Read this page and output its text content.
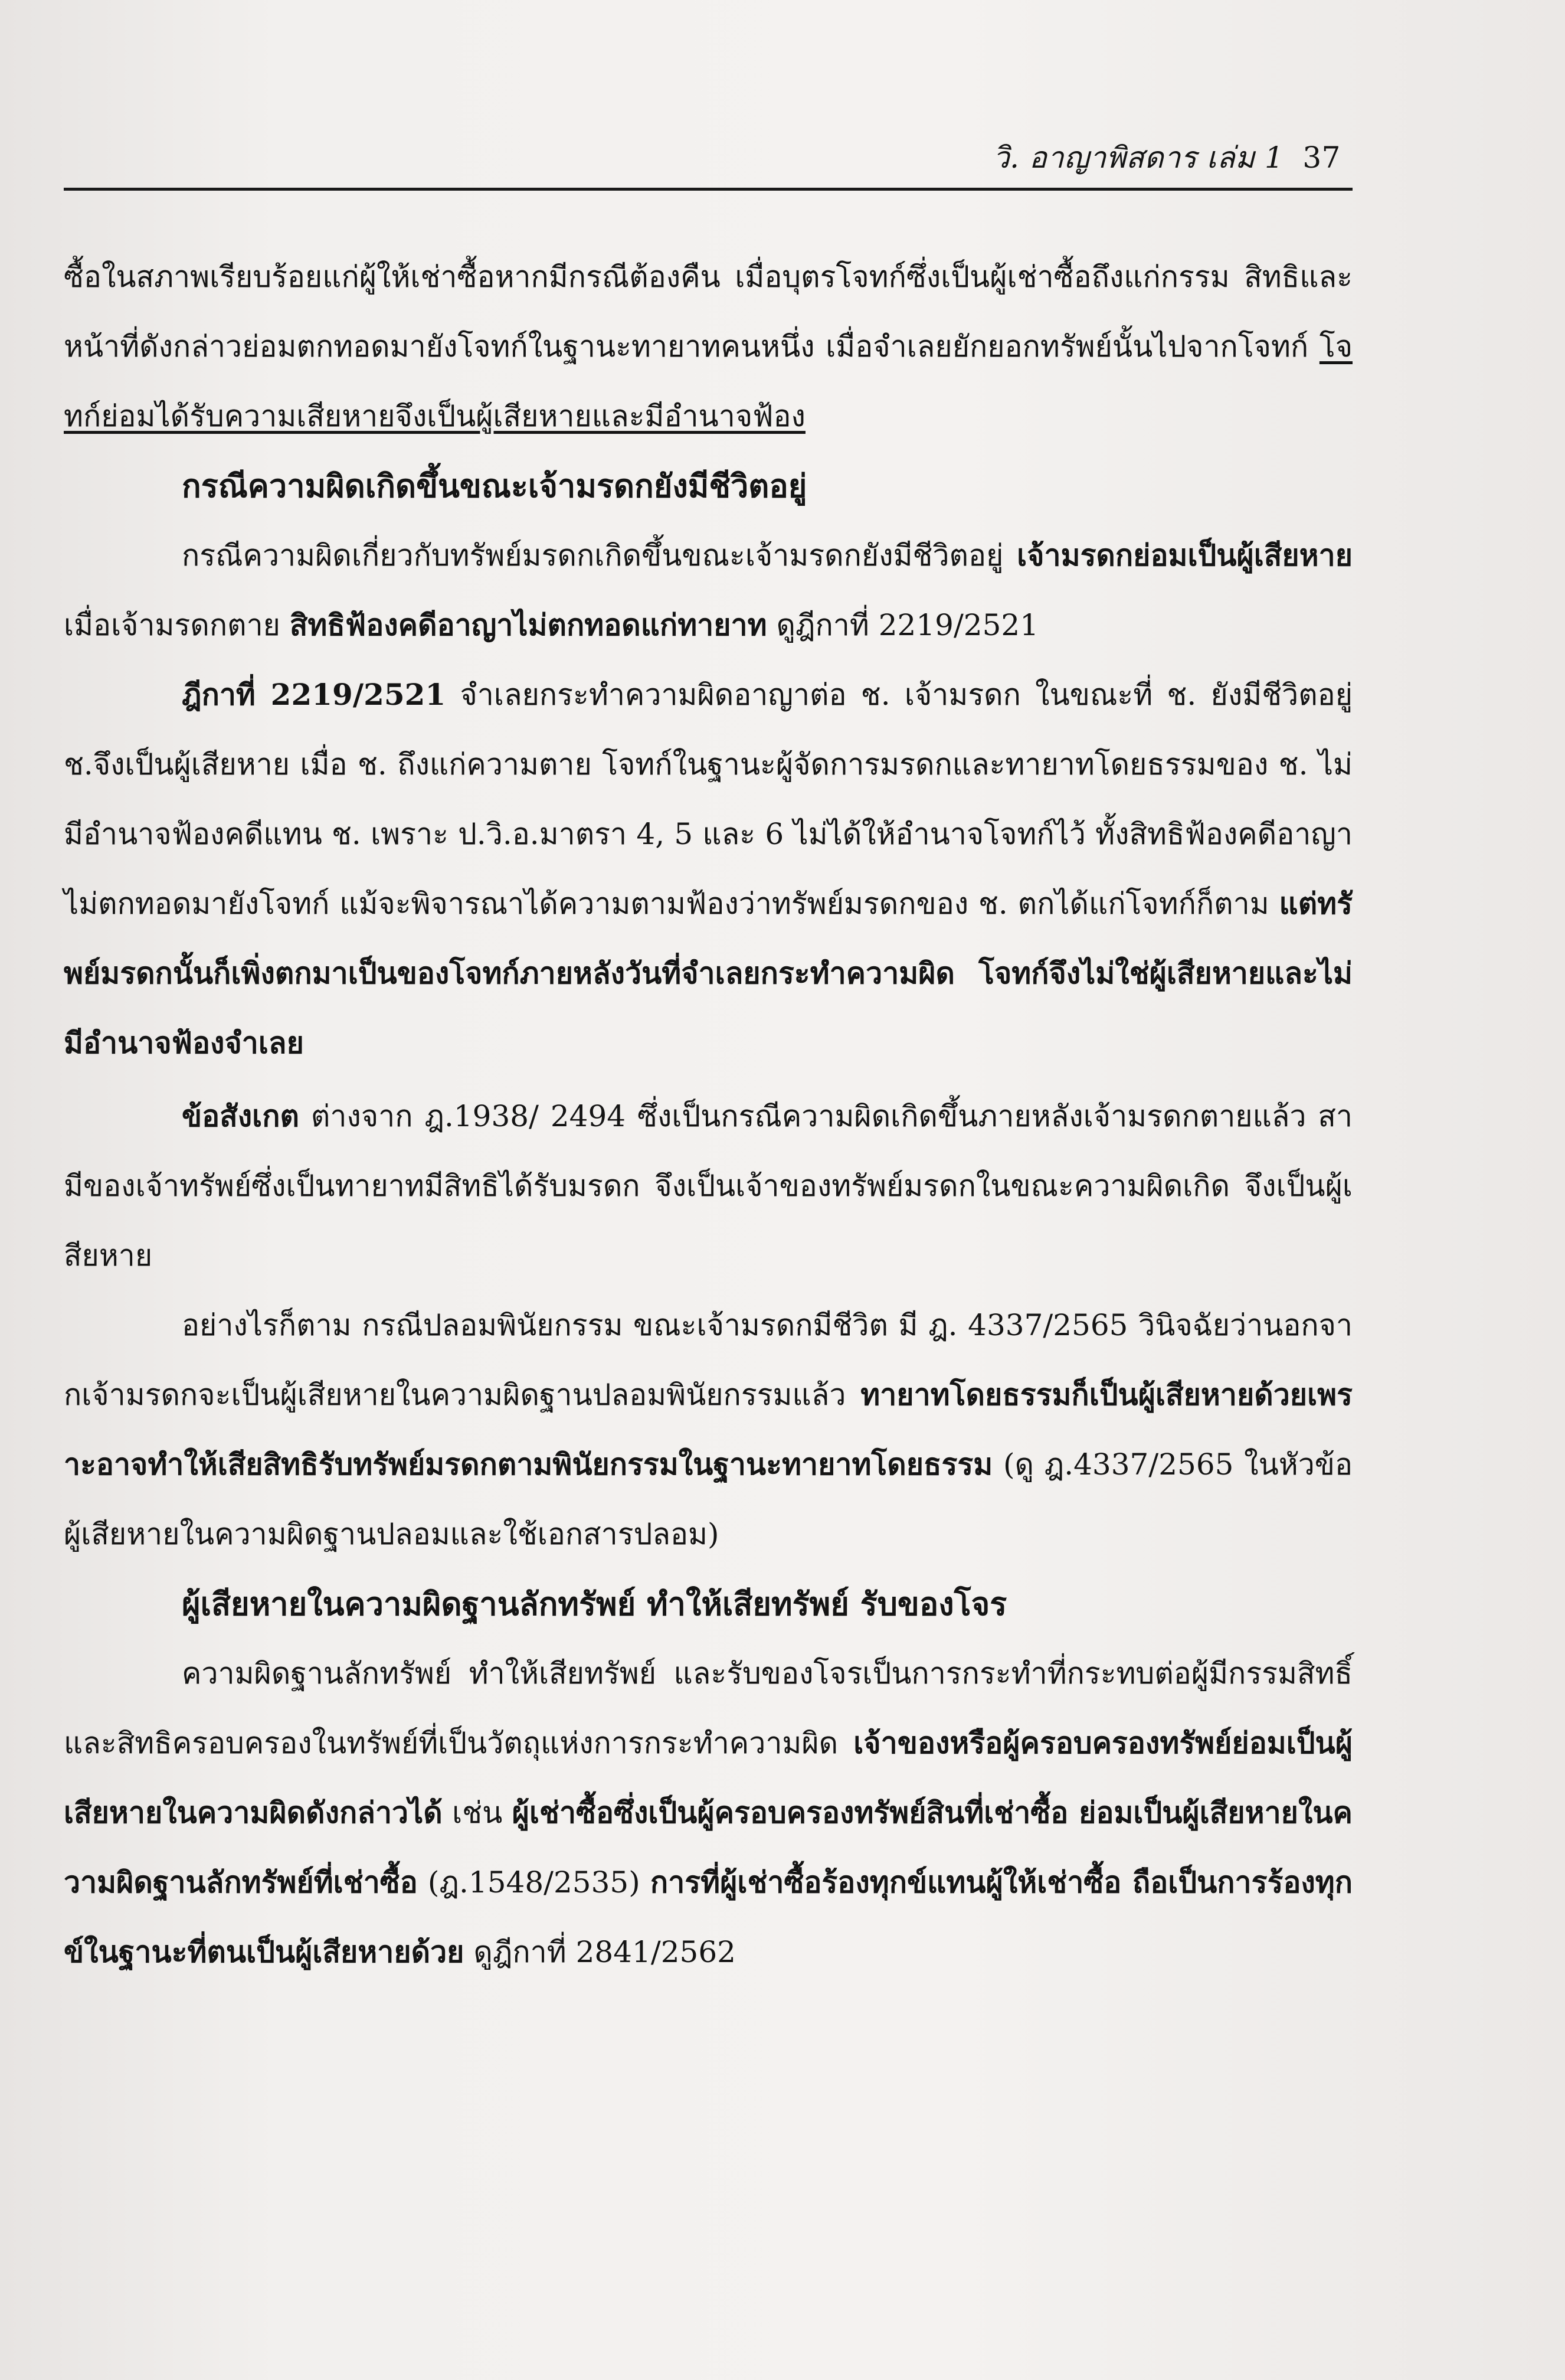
วิ. อาญาพิสดาร เล่ม 1 37

ซื้อในสภาพเรียบร้อยแก่ผู้ให้เช่าซื้อหากมีกรณีต้องคืน เมื่อบุตรโจทก์ซึ่งเป็นผู้เช่าซื้อถึงแก่กรรม สิทธิและหน้าที่ดังกล่าวย่อมตกทอดมายังโจทก์ในฐานะทายาทคนหนึ่ง เมื่อจำเลยยักยอกทรัพย์นั้นไปจากโจทก์ โจทก์ย่อมได้รับความเสียหายจึงเป็นผู้เสียหายและมีอำนาจฟ้อง

กรณีความผิดเกิดขึ้นขณะเจ้ามรดกยังมีชีวิตอยู่

กรณีความผิดเกี่ยวกับทรัพย์มรดกเกิดขึ้นขณะเจ้ามรดกยังมีชีวิตอยู่ เจ้ามรดกย่อมเป็นผู้เสียหาย เมื่อเจ้ามรดกตาย สิทธิฟ้องคดีอาญาไม่ตกทอดแก่ทายาท ดูฎีกาที่ 2219/2521

ฎีกาที่ 2219/2521 จำเลยกระทำความผิดอาญาต่อ ช. เจ้ามรดก ในขณะที่ ช. ยังมีชีวิตอยู่ ช.จึงเป็นผู้เสียหาย เมื่อ ช. ถึงแก่ความตาย โจทก์ในฐานะผู้จัดการมรดกและทายาทโดยธรรมของ ช. ไม่มีอำนาจฟ้องคดีแทน ช. เพราะ ป.วิ.อ.มาตรา 4, 5 และ 6 ไม่ได้ให้อำนาจโจทก์ไว้ ทั้งสิทธิฟ้องคดีอาญาไม่ตกทอดมายังโจทก์ แม้จะพิจารณาได้ความตามฟ้องว่าทรัพย์มรดกของ ช. ตกได้แก่โจทก์ก็ตาม แต่ทรัพย์มรดกนั้นก็เพิ่งตกมาเป็นของโจทก์ภายหลังวันที่จำเลยกระทำความผิด โจทก์จึงไม่ใช่ผู้เสียหายและไม่มีอำนาจฟ้องจำเลย

ข้อสังเกต ต่างจาก ฎ.1938/ 2494 ซึ่งเป็นกรณีความผิดเกิดขึ้นภายหลังเจ้ามรดกตายแล้ว สามีของเจ้าทรัพย์ซึ่งเป็นทายาทมีสิทธิได้รับมรดก จึงเป็นเจ้าของทรัพย์มรดกในขณะความผิดเกิด จึงเป็นผู้เสียหาย

อย่างไรก็ตาม กรณีปลอมพินัยกรรม ขณะเจ้ามรดกมีชีวิต มี ฎ. 4337/2565 วินิจฉัยว่านอกจากเจ้ามรดกจะเป็นผู้เสียหายในความผิดฐานปลอมพินัยกรรมแล้ว ทายาทโดยธรรมก็เป็นผู้เสียหายด้วยเพราะอาจทำให้เสียสิทธิรับทรัพย์มรดกตามพินัยกรรมในฐานะทายาทโดยธรรม (ดู ฎ.4337/2565 ในหัวข้อผู้เสียหายในความผิดฐานปลอมและใช้เอกสารปลอม)

ผู้เสียหายในความผิดฐานลักทรัพย์ ทำให้เสียทรัพย์ รับของโจร

ความผิดฐานลักทรัพย์ ทำให้เสียทรัพย์ และรับของโจรเป็นการกระทำที่กระทบต่อผู้มีกรรมสิทธิ์และสิทธิครอบครองในทรัพย์ที่เป็นวัตถุแห่งการกระทำความผิด เจ้าของหรือผู้ครอบครองทรัพย์ย่อมเป็นผู้เสียหายในความผิดดังกล่าวได้ เช่น ผู้เช่าซื้อซึ่งเป็นผู้ครอบครองทรัพย์สินที่เช่าซื้อ ย่อมเป็นผู้เสียหายในความผิดฐานลักทรัพย์ที่เช่าซื้อ (ฎ.1548/2535) การที่ผู้เช่าซื้อร้องทุกข์แทนผู้ให้เช่าซื้อ ถือเป็นการร้องทุกข์ในฐานะที่ตนเป็นผู้เสียหายด้วย ดูฎีกาที่ 2841/2562
